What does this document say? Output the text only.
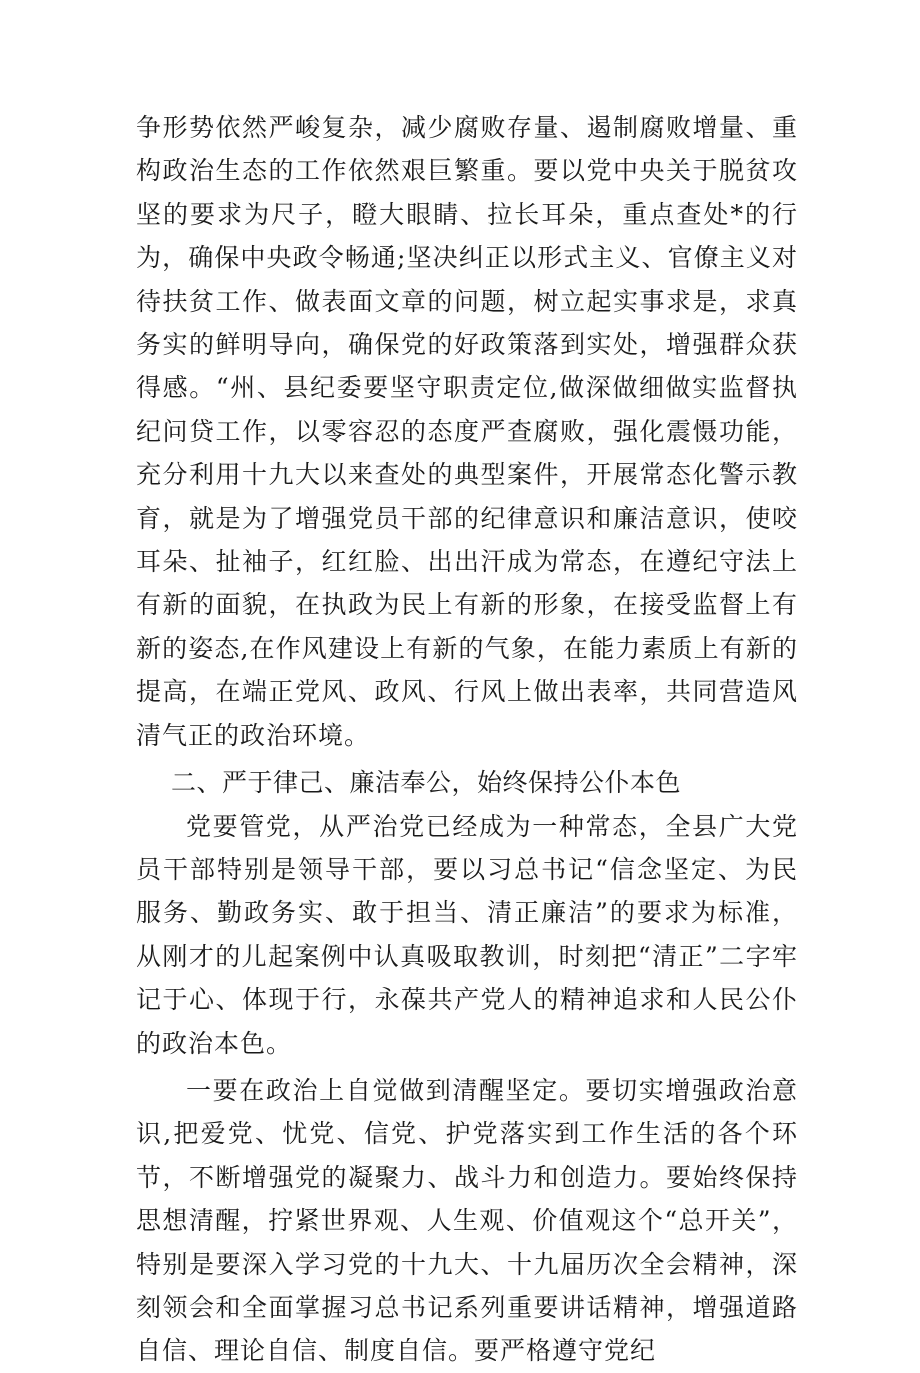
争形势依然严峻复杂，减少腐败存量、遏制腐败增量、重构政治生态的工作依然艰巨繁重。要以党中央关于脱贫攻坚的要求为尺子，瞪大眼睛、拉长耳朵，重点查处*的行为，确保中央政令畅通;坚决纠正以形式主义、官僚主义对待扶贫工作、做表面文章的问题，树立起实事求是，求真务实的鲜明导向，确保党的好政策落到实处，增强群众获得感。“州、县纪委要坚守职责定位,做深做细做实监督执纪问贷工作，以零容忍的态度严查腐败，强化震慑功能，充分利用十九大以来查处的典型案件，开展常态化警示教育，就是为了增强党员干部的纪律意识和廉洁意识，使咬耳朵、扯袖子，红红脸、出出汗成为常态，在遵纪守法上有新的面貌，在执政为民上有新的形象，在接受监督上有新的姿态,在作风建设上有新的气象，在能力素质上有新的提高，在端正党风、政风、行风上做出表率，共同营造风清气正的政治环境。

二、严于律己、廉洁奉公，始终保持公仆本色

党要管党，从严治党已经成为一种常态，全县广大党员干部特别是领导干部，要以习总书记“信念坚定、为民服务、勤政务实、敢于担当、清正廉洁”的要求为标准，从刚才的儿起案例中认真吸取教训，时刻把“清正”二字牢记于心、体现于行，永葆共产党人的精神追求和人民公仆的政治本色。

一要在政治上自觉做到清醒坚定。要切实增强政治意识,把爱党、忧党、信党、护党落实到工作生活的各个环节，不断增强党的凝聚力、战斗力和创造力。要始终保持思想清醒，拧紧世界观、人生观、价值观这个“总开关”，特别是要深入学习党的十九大、十九届历次全会精神，深刻领会和全面掌握习总书记系列重要讲话精神，增强道路自信、理论自信、制度自信。要严格遵守党纪
